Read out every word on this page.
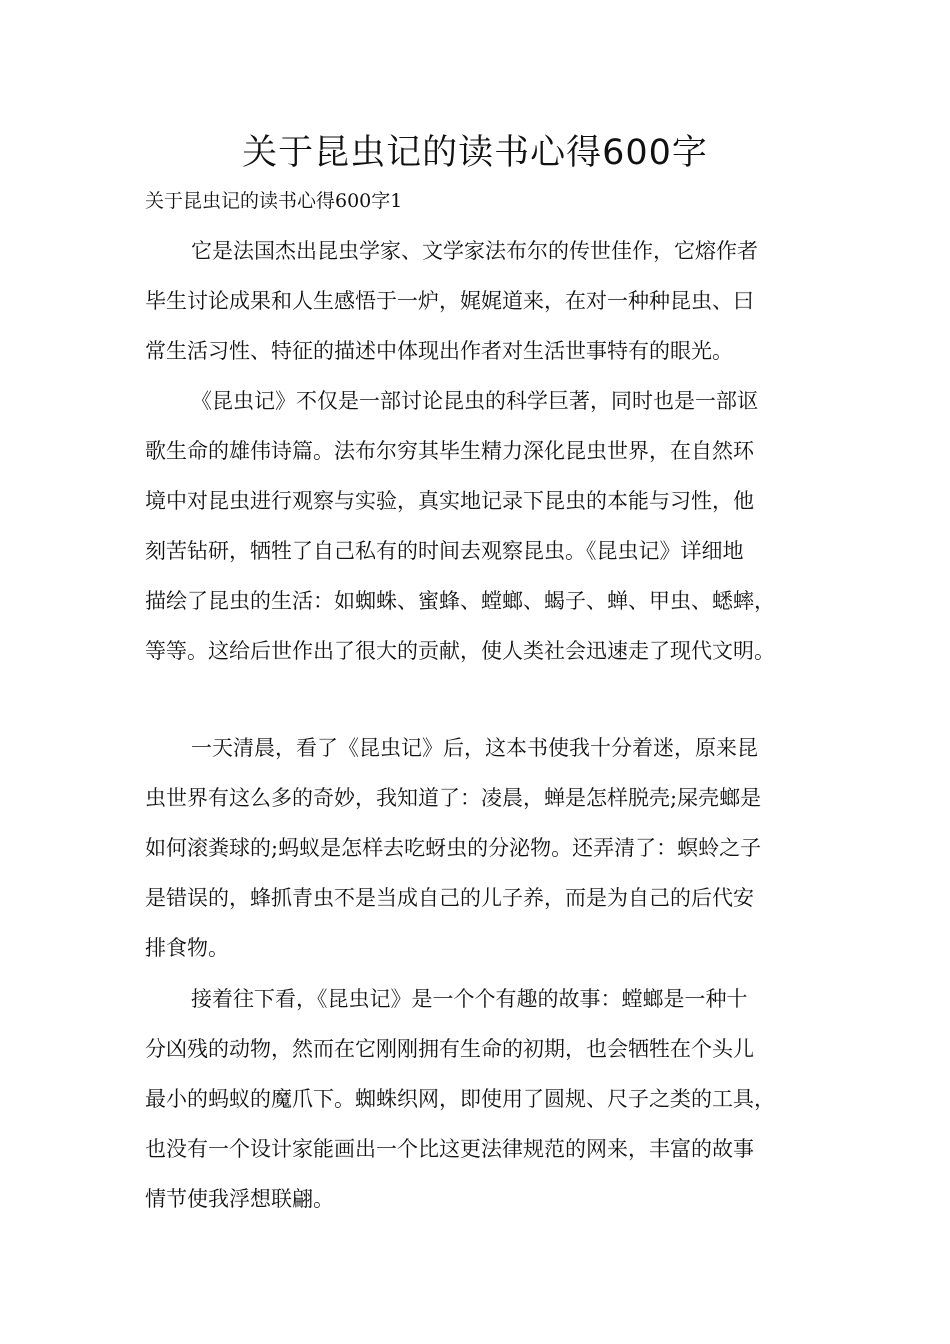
关于昆虫记的读书心得600字

关于昆虫记的读书心得600字1

它是法国杰出昆虫学家、文学家法布尔的传世佳作，它熔作者
毕生讨论成果和人生感悟于一炉，娓娓道来，在对一种种昆虫、曰
常生活习性、特征的描述中体现出作者对生活世事特有的眼光。
《昆虫记》不仅是一部讨论昆虫的科学巨著，同时也是一部讴
歌生命的雄伟诗篇。法布尔穷其毕生精力深化昆虫世界，在自然环
境中对昆虫进行观察与实验，真实地记录下昆虫的本能与习性，他
刻苦钻研，牺牲了自己私有的时间去观察昆虫。《昆虫记》详细地
描绘了昆虫的生活：如蜘蛛、蜜蜂、螳螂、蝎子、蝉、甲虫、蟋蟀，
等等。这给后世作出了很大的贡献，使人类社会迅速走了现代文明。
一天清晨，看了《昆虫记》后，这本书使我十分着迷，原来昆
虫世界有这么多的奇妙，我知道了：凌晨，蝉是怎样脱壳;屎壳螂是
如何滚粪球的;蚂蚁是怎样去吃蚜虫的分泌物。还弄清了：螟蛉之子
是错误的，蜂抓青虫不是当成自己的儿子养，而是为自己的后代安
排食物。
接着往下看，《昆虫记》是一个个有趣的故事：螳螂是一种十
分凶残的动物，然而在它刚刚拥有生命的初期，也会牺牲在个头儿
最小的蚂蚁的魔爪下。蜘蛛织网，即使用了圆规、尺子之类的工具，
也没有一个设计家能画出一个比这更法律规范的网来，丰富的故事
情节使我浮想联翩。
